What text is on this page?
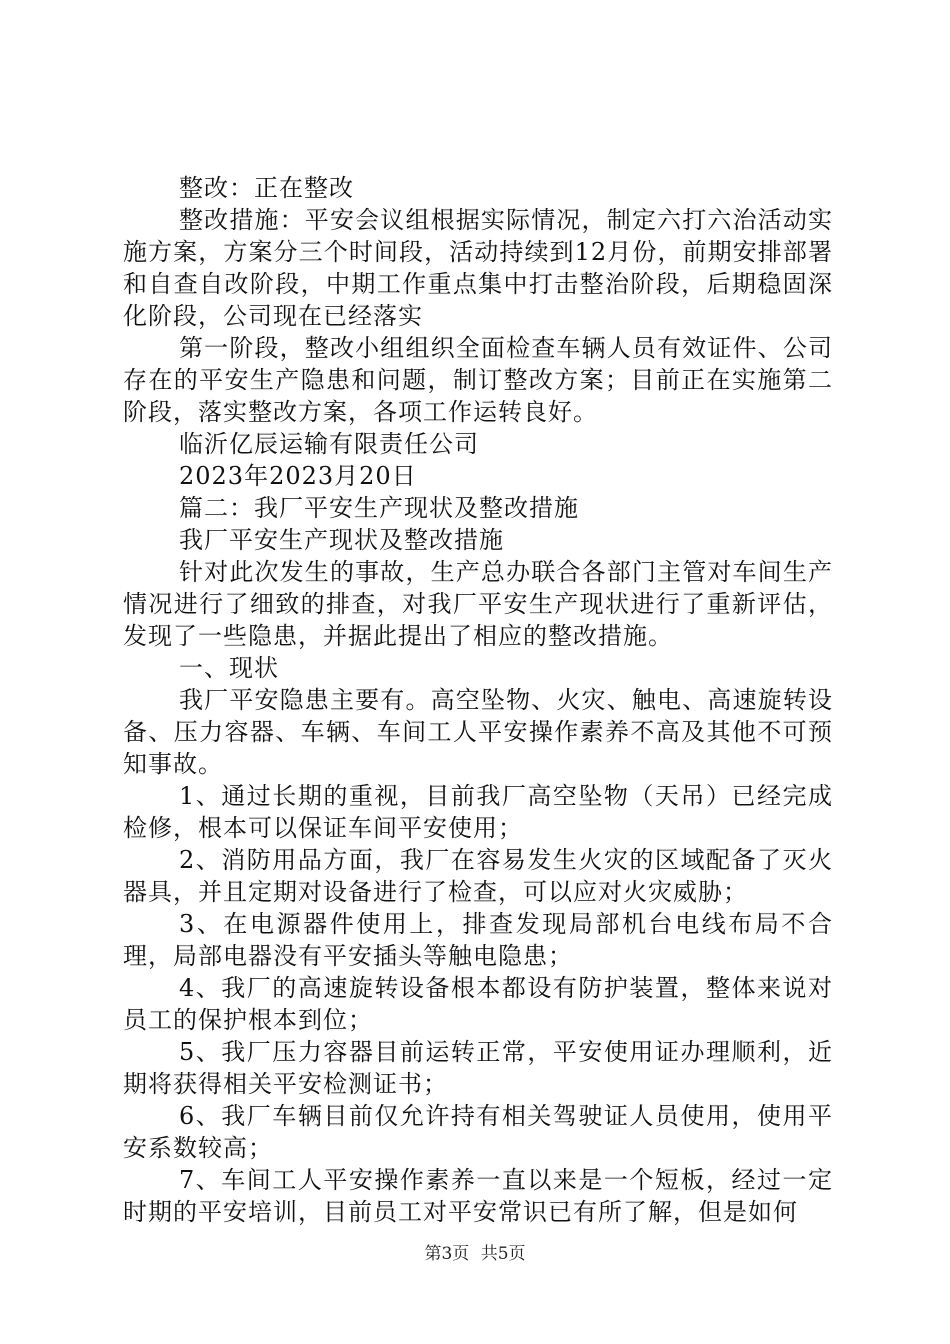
整改：正在整改

整改措施：平安会议组根据实际情况，制定六打六治活动实施方案，方案分三个时间段，活动持续到12月份，前期安排部署和自查自改阶段，中期工作重点集中打击整治阶段，后期稳固深化阶段，公司现在已经落实

第一阶段，整改小组组织全面检查车辆人员有效证件、公司存在的平安生产隐患和问题，制订整改方案；目前正在实施第二阶段，落实整改方案，各项工作运转良好。

临沂亿辰运输有限责任公司

2023年2023月20日

篇二：我厂平安生产现状及整改措施

我厂平安生产现状及整改措施

针对此次发生的事故，生产总办联合各部门主管对车间生产情况进行了细致的排查，对我厂平安生产现状进行了重新评估，发现了一些隐患，并据此提出了相应的整改措施。

一、现状

我厂平安隐患主要有。高空坠物、火灾、触电、高速旋转设备、压力容器、车辆、车间工人平安操作素养不高及其他不可预知事故。

1、通过长期的重视，目前我厂高空坠物（天吊）已经完成检修，根本可以保证车间平安使用；

2、消防用品方面，我厂在容易发生火灾的区域配备了灭火器具，并且定期对设备进行了检查，可以应对火灾威胁；

3、在电源器件使用上，排查发现局部机台电线布局不合理，局部电器没有平安插头等触电隐患；

4、我厂的高速旋转设备根本都设有防护装置，整体来说对员工的保护根本到位；

5、我厂压力容器目前运转正常，平安使用证办理顺利，近期将获得相关平安检测证书；

6、我厂车辆目前仅允许持有相关驾驶证人员使用，使用平安系数较高；

7、车间工人平安操作素养一直以来是一个短板，经过一定时期的平安培训，目前员工对平安常识已有所了解，但是如何

第3页 共5页
